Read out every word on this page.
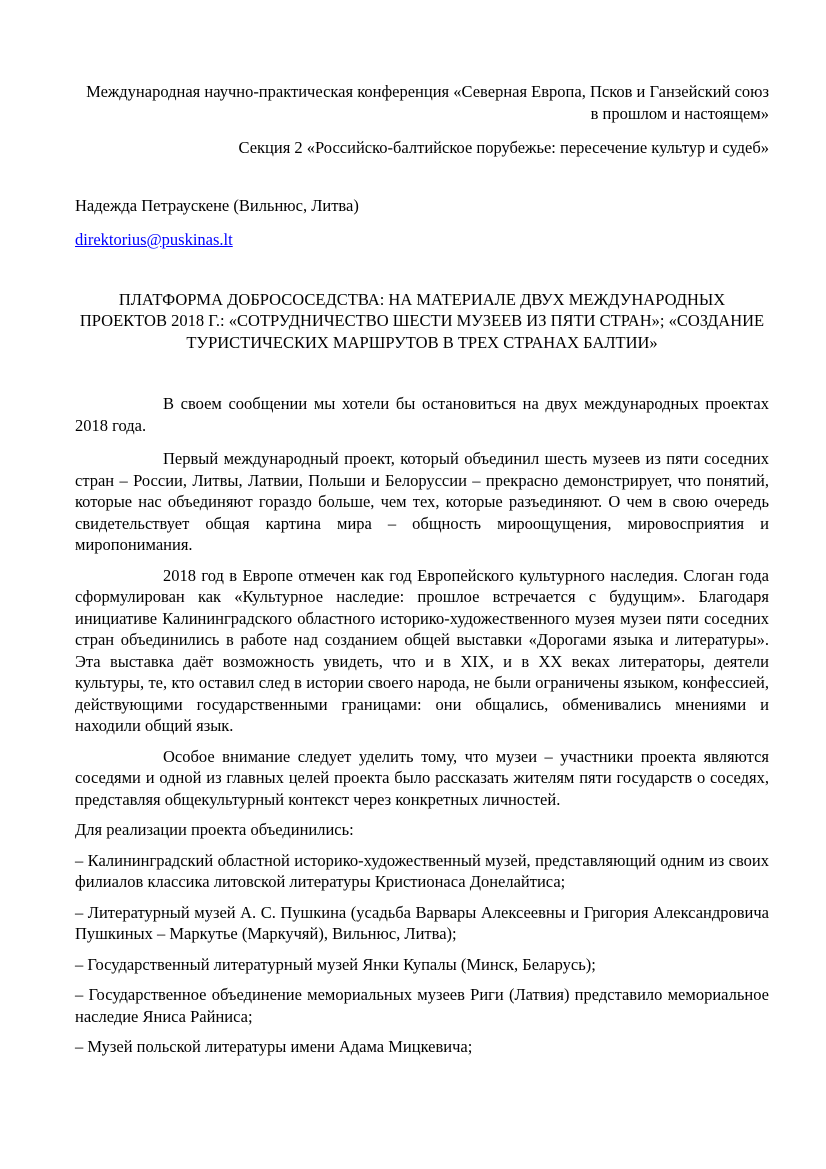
Международная научно-практическая конференция «Северная Европа, Псков и Ганзейский союз в прошлом и настоящем»

Секция 2 «Российско-балтийское порубежье: пересечение культур и судеб»

Надежда Петраускене (Вильнюс, Литва)

direktorius@puskinas.lt

ПЛАТФОРМА ДОБРОСОСЕДСТВА: НА МАТЕРИАЛЕ ДВУХ МЕЖДУНАРОДНЫХ ПРОЕКТОВ 2018 Г.: «СОТРУДНИЧЕСТВО ШЕСТИ МУЗЕЕВ ИЗ ПЯТИ СТРАН»; «СОЗДАНИЕ ТУРИСТИЧЕСКИХ МАРШРУТОВ В ТРЕХ СТРАНАХ БАЛТИИ»

В своем сообщении мы хотели бы остановиться на двух международных проектах 2018 года.

Первый международный проект, который объединил шесть музеев из пяти соседних стран – России, Литвы, Латвии, Польши и Белоруссии – прекрасно демонстрирует, что понятий, которые нас объединяют гораздо больше, чем тех, которые разъединяют. О чем в свою очередь свидетельствует общая картина мира – общность мироощущения, мировосприятия и миропонимания.

2018 год в Европе отмечен как год Европейского культурного наследия. Слоган года сформулирован как «Культурное наследие: прошлое встречается с будущим». Благодаря инициативе Калининградского областного историко-художественного музея музеи пяти соседних стран объединились в работе над созданием общей выставки «Дорогами языка и литературы». Эта выставка даёт возможность увидеть, что и в XIX, и в XX веках литераторы, деятели культуры, те, кто оставил след в истории своего народа, не были ограничены языком, конфессией, действующими государственными границами: они общались, обменивались мнениями и находили общий язык.

Особое внимание следует уделить тому, что музеи – участники проекта являются соседями и одной из главных целей проекта было рассказать жителям пяти государств о соседях, представляя общекультурный контекст через конкретных личностей.

Для реализации проекта объединились:

– Калининградский областной историко-художественный музей, представляющий одним из своих филиалов классика литовской литературы Кристионаса Донелайтиса;

– Литературный музей А. С. Пушкина (усадьба Варвары Алексеевны и Григория Александровича Пушкиных – Маркутье (Маркучяй), Вильнюс, Литва);

– Государственный литературный музей Янки Купалы (Минск, Беларусь);

– Государственное объединение мемориальных музеев Риги (Латвия) представило мемориальное наследие Яниса Райниса;

– Музей польской литературы имени Адама Мицкевича;
